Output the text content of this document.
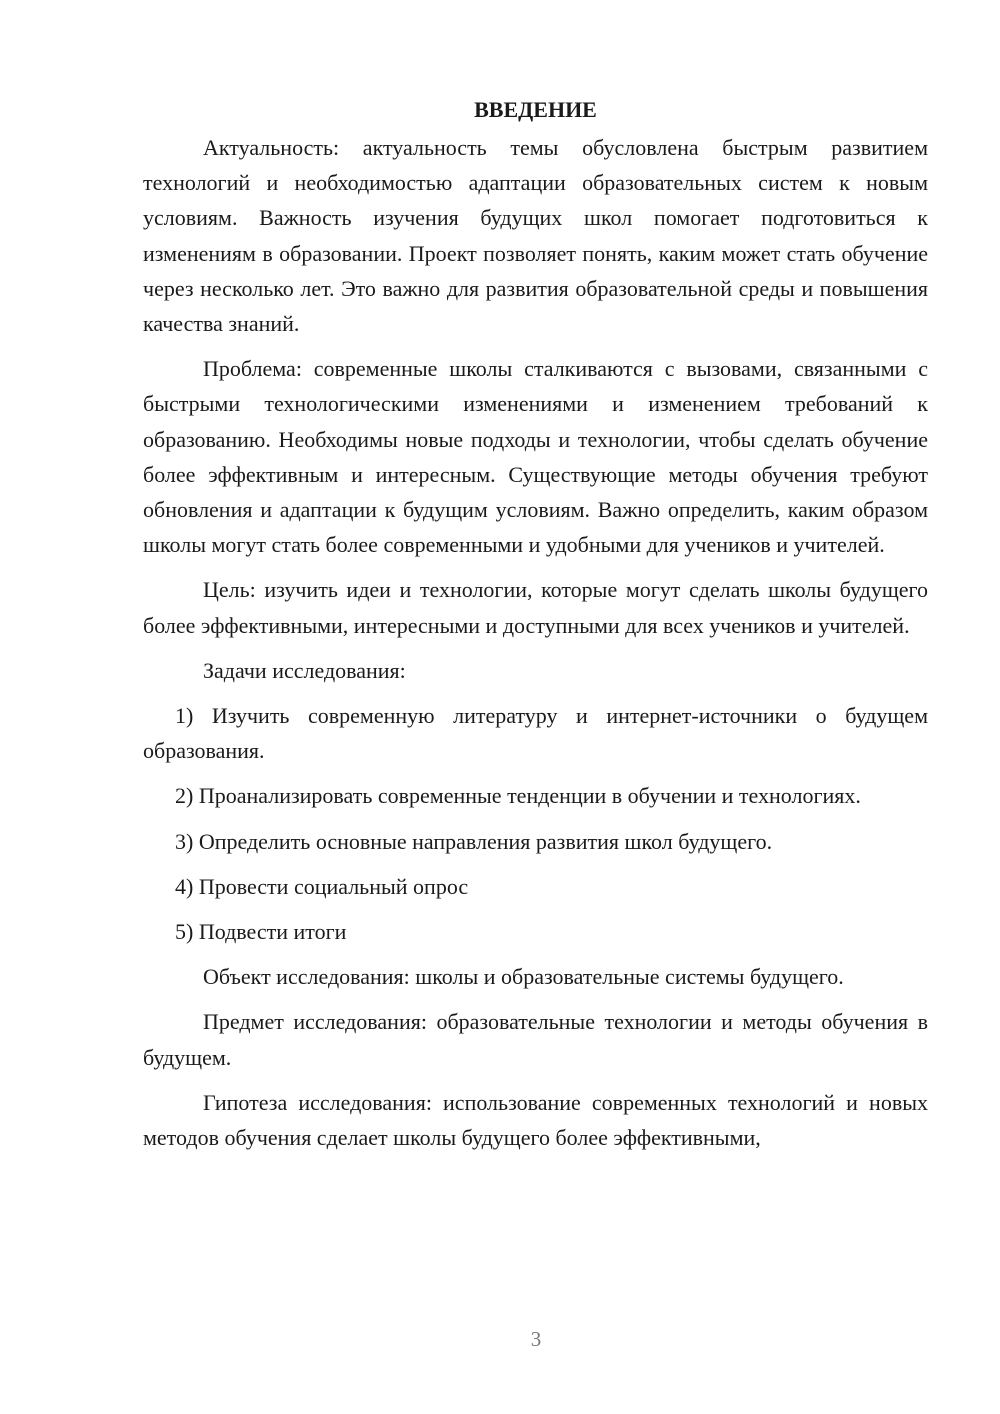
ВВЕДЕНИЕ

Актуальность: актуальность темы обусловлена быстрым развитием технологий и необходимостью адаптации образовательных систем к новым условиям. Важность изучения будущих школ помогает подготовиться к изменениям в образовании. Проект позволяет понять, каким может стать обучение через несколько лет. Это важно для развития образовательной среды и повышения качества знаний.

Проблема: современные школы сталкиваются с вызовами, связанными с быстрыми технологическими изменениями и изменением требований к образованию. Необходимы новые подходы и технологии, чтобы сделать обучение более эффективным и интересным. Существующие методы обучения требуют обновления и адаптации к будущим условиям. Важно определить, каким образом школы могут стать более современными и удобными для учеников и учителей.

Цель: изучить идеи и технологии, которые могут сделать школы будущего более эффективными, интересными и доступными для всех учеников и учителей.

Задачи исследования:

1) Изучить современную литературу и интернет-источники о будущем образования.

2) Проанализировать современные тенденции в обучении и технологиях.

3) Определить основные направления развития школ будущего.

4) Провести социальный опрос

5) Подвести итоги

Объект исследования: школы и образовательные системы будущего.

Предмет исследования: образовательные технологии и методы обучения в будущем.

Гипотеза исследования: использование современных технологий и новых методов обучения сделает школы будущего более эффективными,

3
